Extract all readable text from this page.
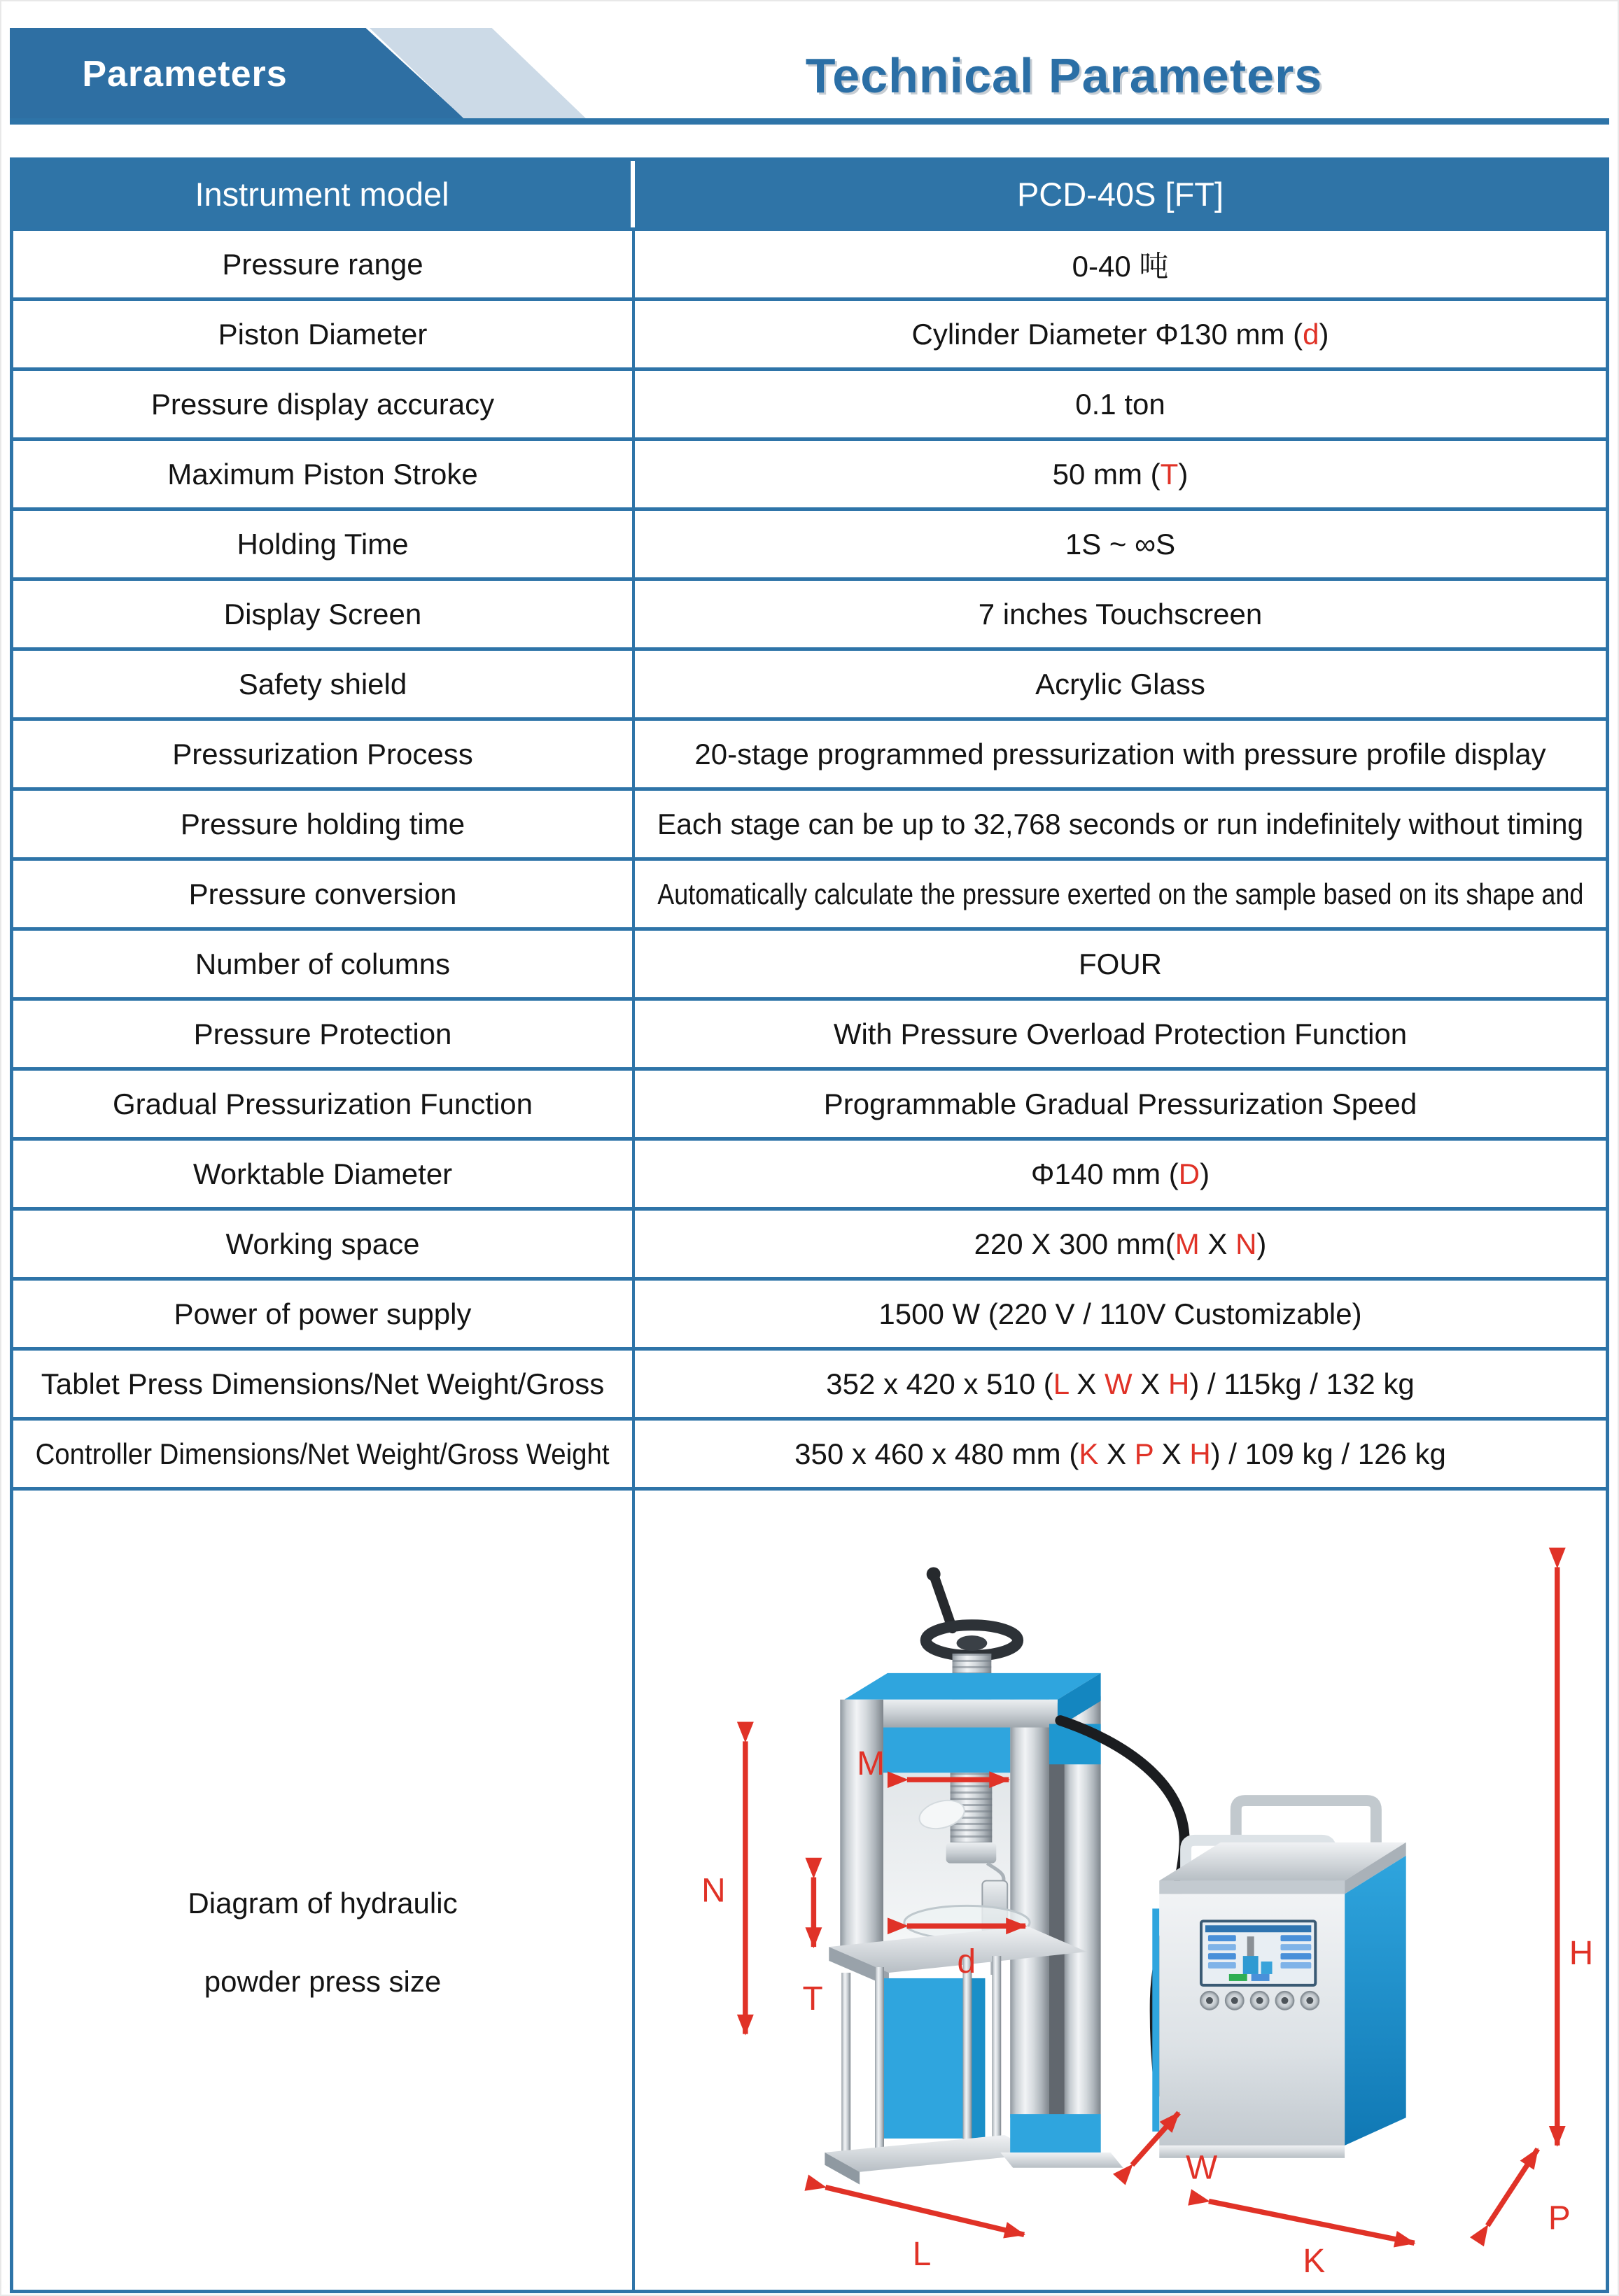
Parameters	Technical Parameters
Instrument model	PCD-40S [FT]
Pressure range	0-40 吨
Piston Diameter	Cylinder Diameter Φ130 mm (d)
Pressure display accuracy	0.1 ton
Maximum Piston Stroke	50 mm (T)
Holding Time	1S ~ ∞S
Display Screen	7 inches Touchscreen
Safety shield	Acrylic Glass
Pressurization Process	20-stage programmed pressurization with pressure profile display
Pressure holding time	Each stage can be up to 32,768 seconds or run indefinitely without timing
Pressure conversion	Automatically calculate the pressure exerted on the sample based on its shape and
Number of columns	FOUR
Pressure Protection	With Pressure Overload Protection Function
Gradual Pressurization Function	Programmable Gradual Pressurization Speed
Worktable Diameter	Φ140 mm (D)
Working space	220 X 300 mm(M X N)
Power of power supply	1500 W (220 V / 110V Customizable)
Tablet Press Dimensions/Net Weight/Gross	352 x 420 x 510 (L X W X H) / 115kg / 132 kg
Controller Dimensions/Net Weight/Gross Weight	350 x 460 x 480 mm (K X P X H) / 109 kg / 126 kg
Diagram of hydraulic
powder press size
N
T
M
d	H
W
L	K
P
